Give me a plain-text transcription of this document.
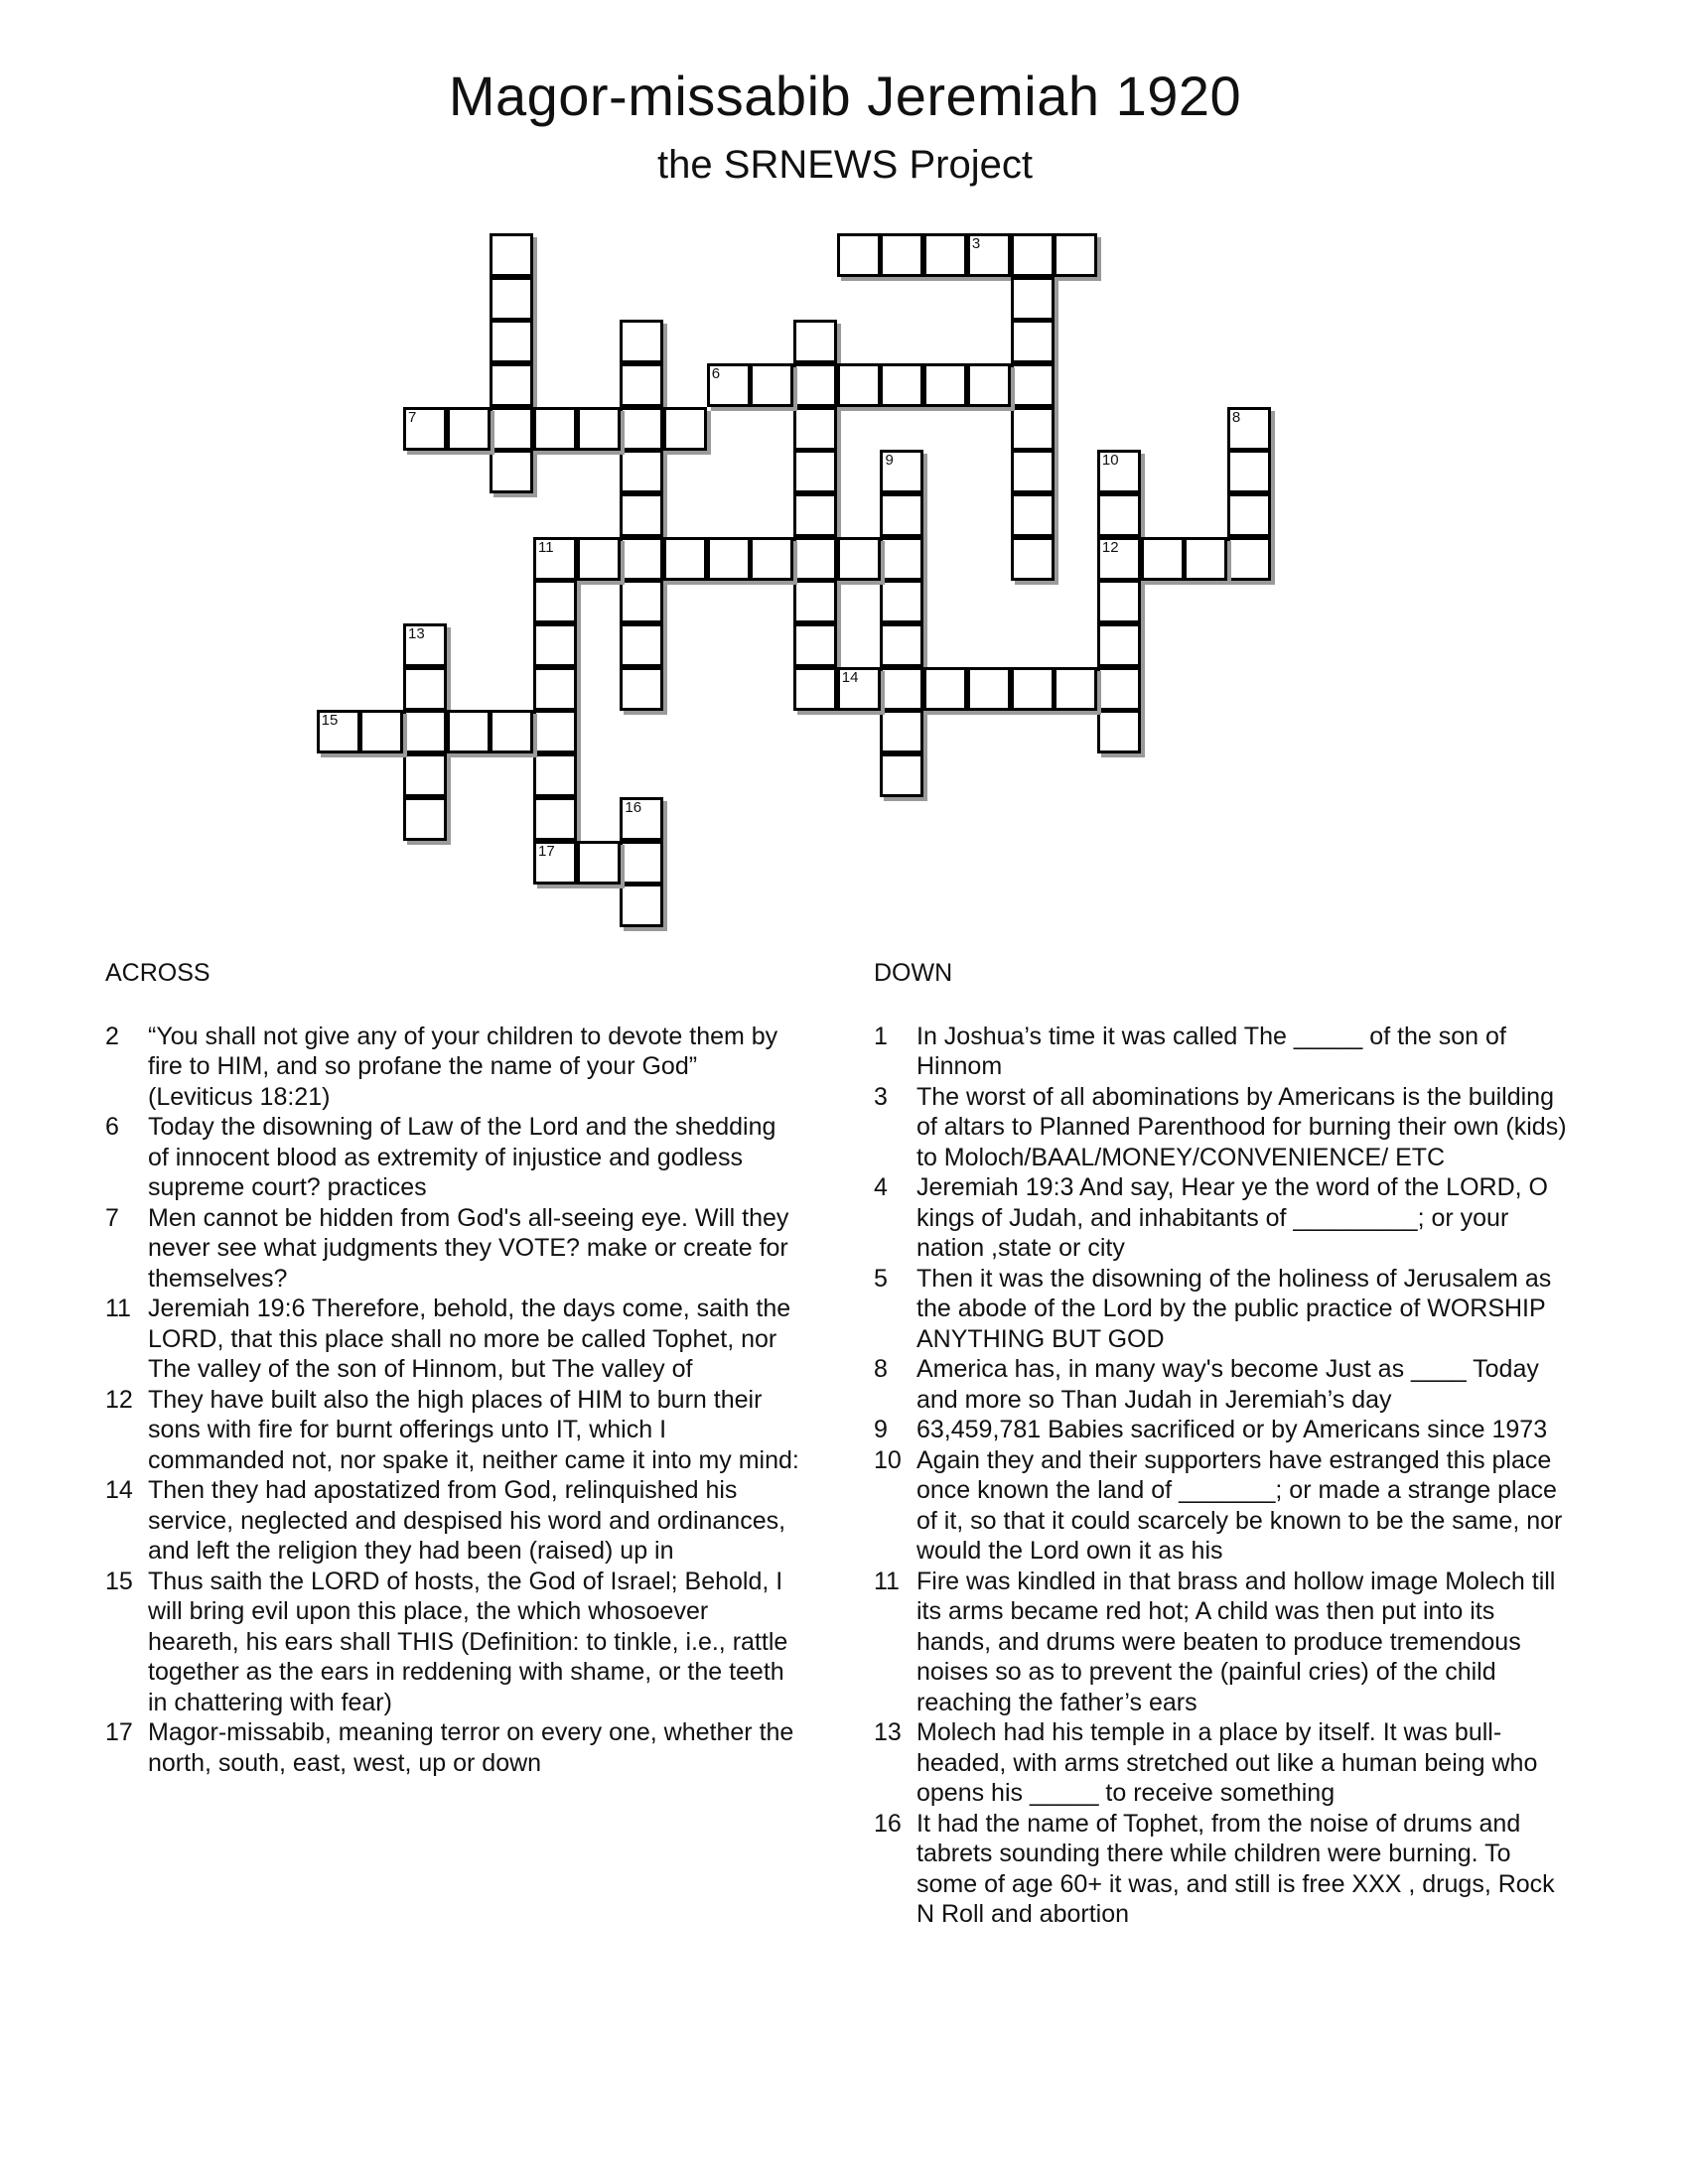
Magor-missabib Jeremiah 1920
the SRNEWS Project
3
6
7	8
9	10
12
11
13
14
15
16
17
ACROSS
2 “You shall not give any of your children to devote them by fire to HIM, and so profane the name of your God” (Leviticus 18:21)
6 Today the disowning of Law of the Lord and the shedding of innocent blood as extremity of injustice and godless supreme court? practices
7 Men cannot be hidden from God's all-seeing eye. Will they never see what judgments they VOTE? make or create for themselves?
11 Jeremiah 19:6 Therefore, behold, the days come, saith the LORD, that this place shall no more be called Tophet, nor The valley of the son of Hinnom, but The valley of
12 They have built also the high places of HIM to burn their sons with fire for burnt offerings unto IT, which I commanded not, nor spake it, neither came it into my mind:
14 Then they had apostatized from God, relinquished his service, neglected and despised his word and ordinances, and left the religion they had been (raised) up in
15 Thus saith the LORD of hosts, the God of Israel; Behold, I will bring evil upon this place, the which whosoever heareth, his ears shall THIS (Definition: to tinkle, i.e., rattle together as the ears in reddening with shame, or the teeth in chattering with fear)
17 Magor-missabib, meaning terror on every one, whether the north, south, east, west, up or down
DOWN
1 In Joshua’s time it was called The _____ of the son of Hinnom
3 The worst of all abominations by Americans is the building of altars to Planned Parenthood for burning their own (kids) to Moloch/BAAL/MONEY/CONVENIENCE/ ETC
4 Jeremiah 19:3 And say, Hear ye the word of the LORD, O kings of Judah, and inhabitants of _________; or your nation ,state or city
5 Then it was the disowning of the holiness of Jerusalem as the abode of the Lord by the public practice of WORSHIP ANYTHING BUT GOD
8 America has, in many way's become Just as ____ Today and more so Than Judah in Jeremiah’s day
9 63,459,781 Babies sacrificed or by Americans since 1973
10 Again they and their supporters have estranged this place once known the land of _______; or made a strange place of it, so that it could scarcely be known to be the same, nor would the Lord own it as his
11 Fire was kindled in that brass and hollow image Molech till its arms became red hot; A child was then put into its hands, and drums were beaten to produce tremendous noises so as to prevent the (painful cries) of the child reaching the father’s ears
13 Molech had his temple in a place by itself. It was bull-headed, with arms stretched out like a human being who opens his _____ to receive something
16 It had the name of Tophet, from the noise of drums and tabrets sounding there while children were burning. To some of age 60+ it was, and still is free XXX , drugs, Rock N Roll and abortion
